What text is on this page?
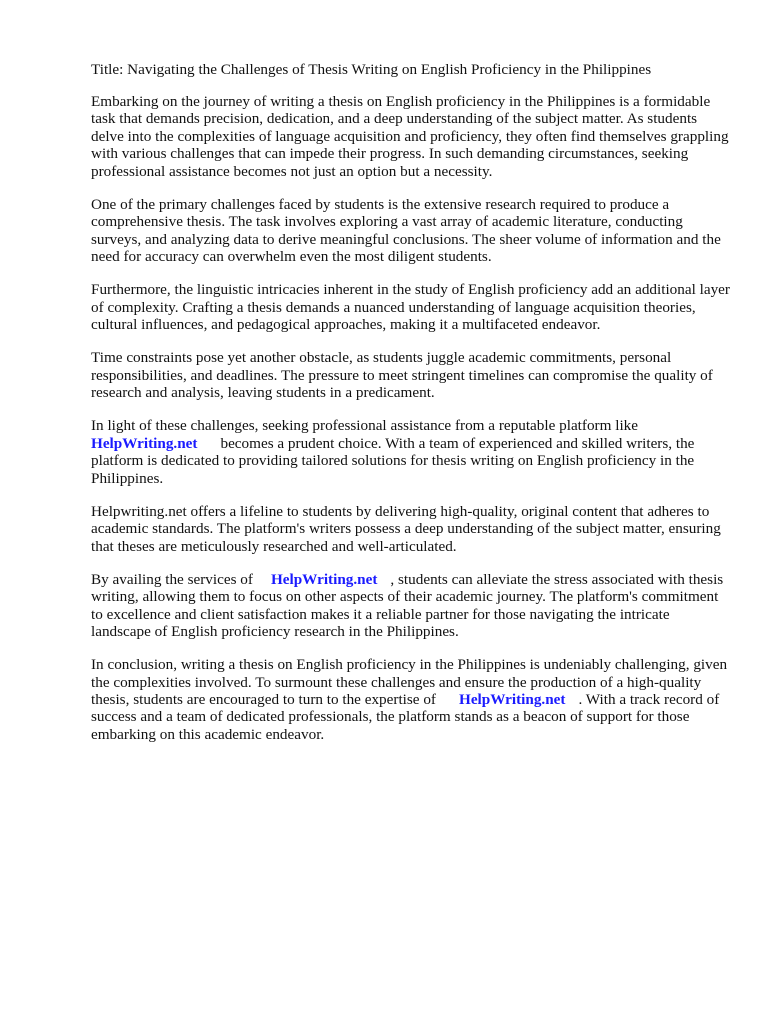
Title: Navigating the Challenges of Thesis Writing on English Proficiency in the Philippines

Embarking on the journey of writing a thesis on English proficiency in the Philippines is a formidable task that demands precision, dedication, and a deep understanding of the subject matter. As students delve into the complexities of language acquisition and proficiency, they often find themselves grappling with various challenges that can impede their progress. In such demanding circumstances, seeking professional assistance becomes not just an option but a necessity.

One of the primary challenges faced by students is the extensive research required to produce a comprehensive thesis. The task involves exploring a vast array of academic literature, conducting surveys, and analyzing data to derive meaningful conclusions. The sheer volume of information and the need for accuracy can overwhelm even the most diligent students.

Furthermore, the linguistic intricacies inherent in the study of English proficiency add an additional layer of complexity. Crafting a thesis demands a nuanced understanding of language acquisition theories, cultural influences, and pedagogical approaches, making it a multifaceted endeavor.

Time constraints pose yet another obstacle, as students juggle academic commitments, personal responsibilities, and deadlines. The pressure to meet stringent timelines can compromise the quality of research and analysis, leaving students in a predicament.

In light of these challenges, seeking professional assistance from a reputable platform like
HelpWriting.net becomes a prudent choice. With a team of experienced and skilled writers, the platform is dedicated to providing tailored solutions for thesis writing on English proficiency in the Philippines.

Helpwriting.net offers a lifeline to students by delivering high-quality, original content that adheres to academic standards. The platform's writers possess a deep understanding of the subject matter, ensuring that theses are meticulously researched and well-articulated.

By availing the services of HelpWriting.net , students can alleviate the stress associated with thesis writing, allowing them to focus on other aspects of their academic journey. The platform's commitment to excellence and client satisfaction makes it a reliable partner for those navigating the intricate landscape of English proficiency research in the Philippines.

In conclusion, writing a thesis on English proficiency in the Philippines is undeniably challenging, given the complexities involved. To surmount these challenges and ensure the production of a high-quality thesis, students are encouraged to turn to the expertise of HelpWriting.net . With a track record of success and a team of dedicated professionals, the platform stands as a beacon of support for those embarking on this academic endeavor.
